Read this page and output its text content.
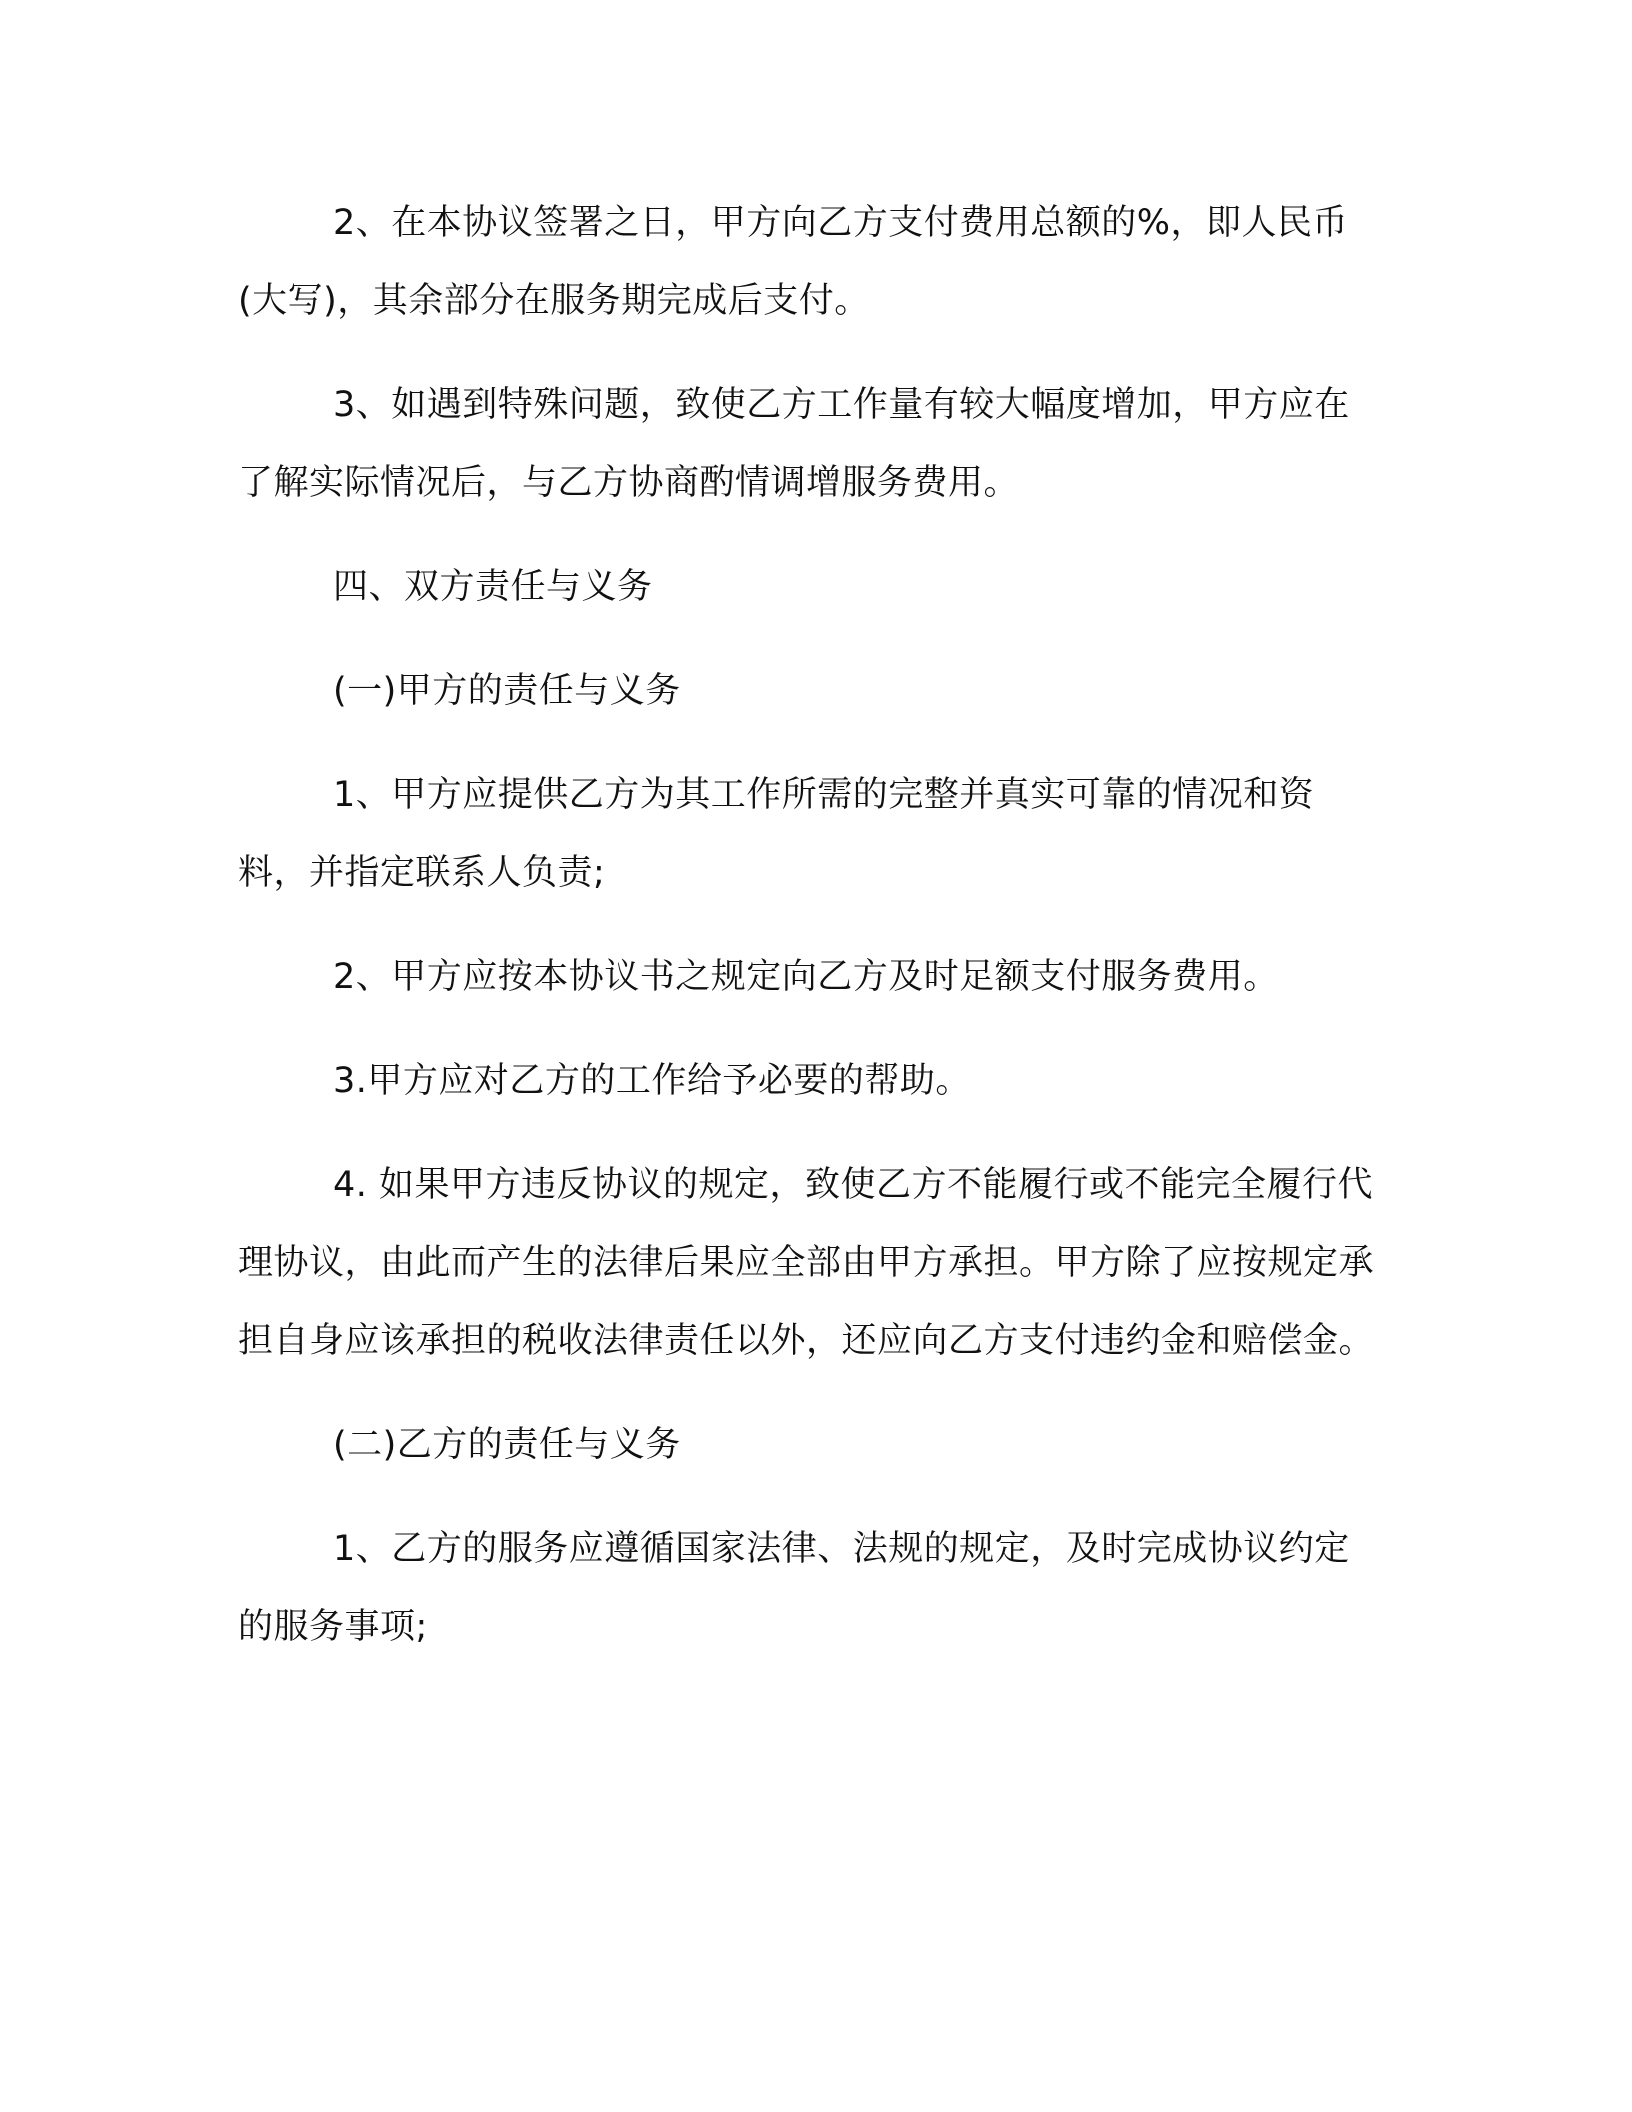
2、在本协议签署之日，甲方向乙方支付费用总额的%，即人民币(大写)，其余部分在服务期完成后支付。

3、如遇到特殊问题，致使乙方工作量有较大幅度增加，甲方应在了解实际情况后，与乙方协商酌情调增服务费用。

四、双方责任与义务

(一)甲方的责任与义务

1、甲方应提供乙方为其工作所需的完整并真实可靠的情况和资料，并指定联系人负责;

2、甲方应按本协议书之规定向乙方及时足额支付服务费用。

3.甲方应对乙方的工作给予必要的帮助。

4. 如果甲方违反协议的规定，致使乙方不能履行或不能完全履行代理协议，由此而产生的法律后果应全部由甲方承担。甲方除了应按规定承担自身应该承担的税收法律责任以外，还应向乙方支付违约金和赔偿金。

(二)乙方的责任与义务

1、乙方的服务应遵循国家法律、法规的规定，及时完成协议约定的服务事项;
